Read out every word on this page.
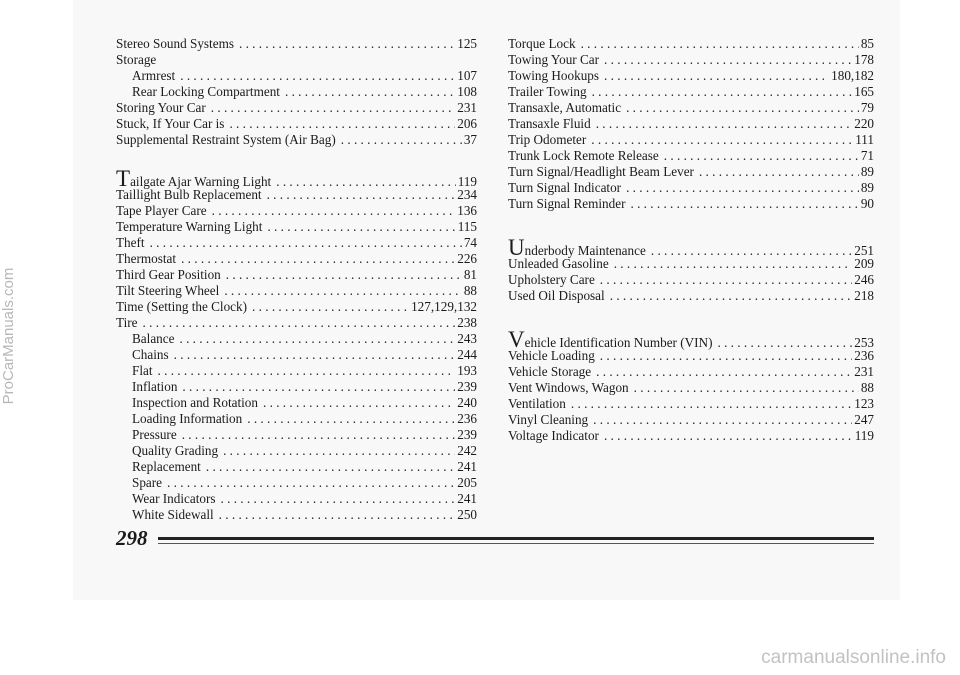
Stereo Sound Systems . . .	125
Storage
Armrest . . .	107
Rear Locking Compartment . . .	108
Storing Your Car . . .	231
Stuck, If Your Car is . . .	206
Supplemental Restraint System (Air Bag) . . .	37
Tailgate Ajar Warning Light . . .	119
Taillight Bulb Replacement . . .	234
Tape Player Care . . .	136
Temperature Warning Light . . .	115
Theft . . .	74
Thermostat . . .	226
Third Gear Position . . .	81
Tilt Steering Wheel . . .	88
Time (Setting the Clock) . . .	127,129,132
Tire . . .	238
Balance . . .	243
Chains . . .	244
Flat . . .	193
Inflation . . .	239
Inspection and Rotation . . .	240
Loading Information . . .	236
Pressure . . .	239
Quality Grading . . .	242
Replacement . . .	241
Spare . . .	205
Wear Indicators . . .	241
White Sidewall . . .	250
Torque Lock . . .	85
Towing Your Car . . .	178
Towing Hookups . . .	180,182
Trailer Towing . . .	165
Transaxle, Automatic . . .	79
Transaxle Fluid . . .	220
Trip Odometer . . .	111
Trunk Lock Remote Release . . .	71
Turn Signal/Headlight Beam Lever . . .	89
Turn Signal Indicator . . .	89
Turn Signal Reminder . . .	90
Underbody Maintenance . . .	251
Unleaded Gasoline . . .	209
Upholstery Care . . .	246
Used Oil Disposal . . .	218
Vehicle Identification Number (VIN) . . .	253
Vehicle Loading . . .	236
Vehicle Storage . . .	231
Vent Windows, Wagon . . .	88
Ventilation . . .	123
Vinyl Cleaning . . .	247
Voltage Indicator . . .	119
298
ProCarManuals.com
carmanualsonline.info
